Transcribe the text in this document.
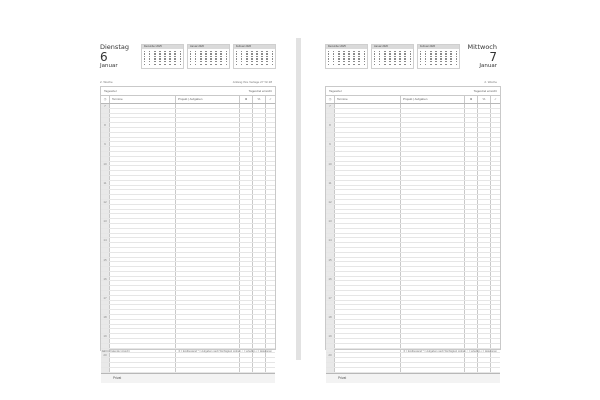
Dienstag
6
Januar
Dezember 2025	Januar 2026	Februar 2026
2. Woche	Anfang Ihre Verlage 27 %/ 28
Tagesziel	Tagesziel erreicht
◷	Termine	Projekt | Aufgaben	⧗	%	✓
7
8
9
10
11
12
13
14
15
16
17
18
19
20
Privat
* Jahr in Kalender Ansicht	Σ = Endbestand * = Aufgaben nach Wichtigkeit ordnen ○ = erledigt ◐ = delegieren
Dezember 2025	Januar 2026	Februar 2026	Mittwoch
7
Januar
2. Woche
Tagesziel	Tagesziel erreicht
◷	Termine	Projekt | Aufgaben	⧗	%	✓
7
8
9
10
11
12
13
14
15
16
17
18
19
20
Privat
Σ = Endbestand * = Aufgaben nach Wichtigkeit ordnen ○ = erledigt ◐ = delegieren
